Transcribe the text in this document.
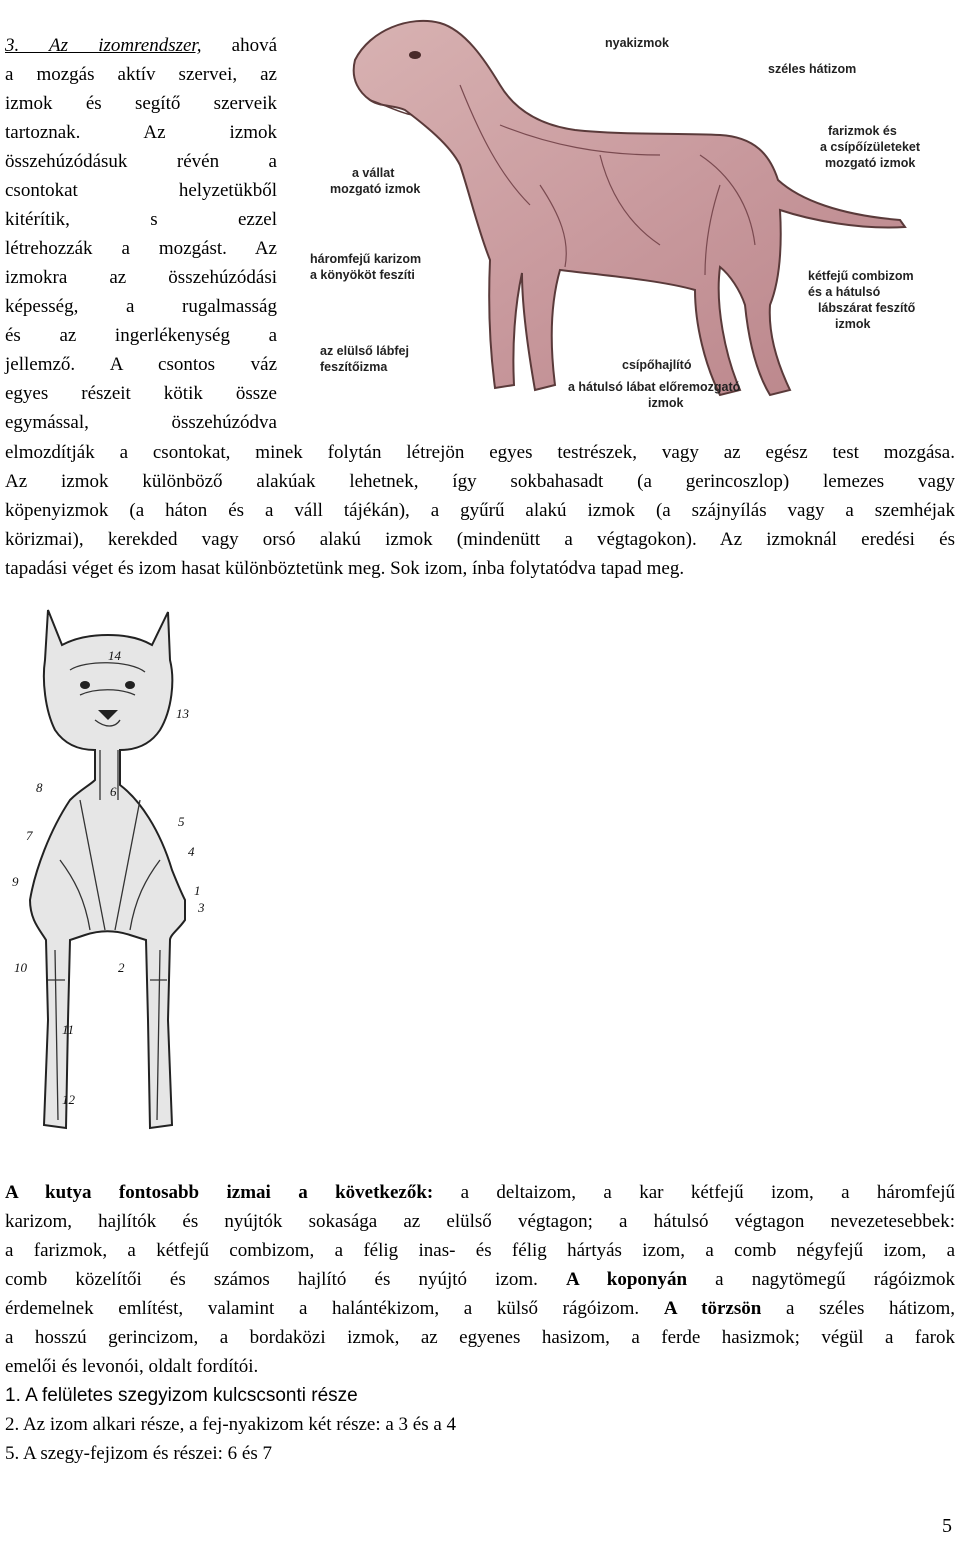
3. Az izomrendszer, ahová
a mozgás aktív szervei, az
izmok és segítő szerveik
tartoznak. Az izmok
összehúzódásuk révén a
csontokat helyzetükből
kitérítik, s ezzel
létrehozzák a mozgást. Az
izmokra az összehúzódási
képesség, a rugalmasság
és az ingerlékenység a
jellemző. A csontos váz
egyes részeit kötik össze
egymással, összehúzódva
nyakizmok
széles hátizom
farizmok és
a csípőízületeket
mozgató izmok
a vállat
mozgató izmok
háromfejű karizom
a könyököt feszíti	kétfejű combizom
és a hátulsó
lábszárat feszítő
izmok
az elülső lábfej
feszítőizma	csípőhajlító
a hátulsó lábat előremozgató
izmok
elmozdítják a csontokat, minek folytán létrejön egyes testrészek, vagy az egész test mozgása.
Az izmok különböző alakúak lehetnek, így sokbahasadt (a gerincoszlop) lemezes vagy
köpenyizmok (a háton és a váll tájékán), a gyűrű alakú izmok (a szájnyílás vagy a szemhéjak
körizmai), kerekded vagy orsó alakú izmok (mindenütt a végtagokon). Az izmoknál eredési és
tapadási véget és izom hasat különböztetünk meg. Sok izom, ínba folytatódva tapad meg.
14
13
8	6
5
7
4
9
1
3
2
10
11
12
A kutya fontosabb izmai a következők: a deltaizom, a kar kétfejű izom, a háromfejű
karizom, hajlítók és nyújtók sokasága az elülső végtagon; a hátulsó végtagon nevezetesebbek:
a farizmok, a kétfejű combizom, a félig inas- és félig hártyás izom, a comb négyfejű izom, a
comb közelítői és számos hajlító és nyújtó izom. A koponyán a nagytömegű rágóizmok
érdemelnek említést, valamint a halántékizom, a külső rágóizom. A törzsön a széles hátizom,
a hosszú gerincizom, a bordaközi izmok, az egyenes hasizom, a ferde hasizmok; végül a farok
emelői és levonói, oldalt fordítói.
1. A felületes szegyizom kulcscsonti része
2. Az izom alkari része, a fej-nyakizom két része: a 3 és a 4
5. A szegy-fejizom és részei: 6 és 7
5
